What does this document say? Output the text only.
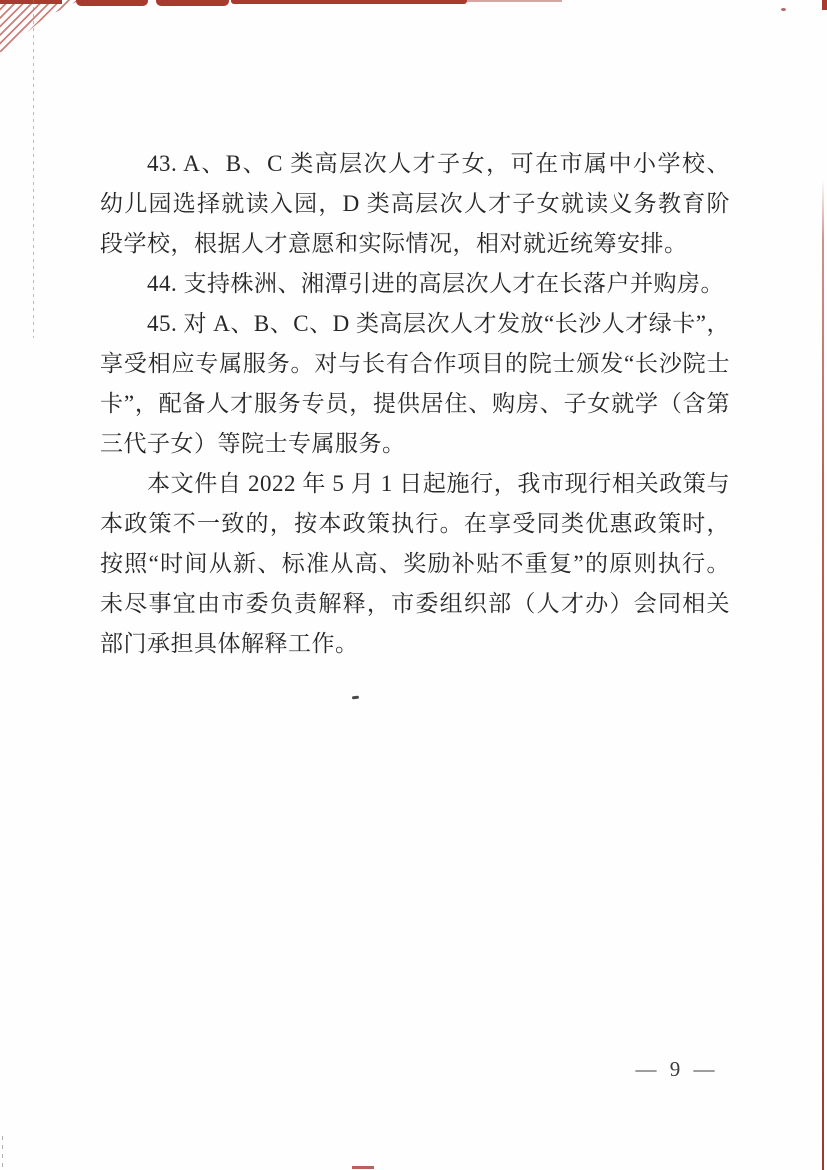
43. A、B、C 类高层次人才子女，可在市属中小学校、幼儿园选择就读入园，D 类高层次人才子女就读义务教育阶段学校，根据人才意愿和实际情况，相对就近统筹安排。

44. 支持株洲、湘潭引进的高层次人才在长落户并购房。

45. 对 A、B、C、D 类高层次人才发放“长沙人才绿卡”，享受相应专属服务。对与长有合作项目的院士颁发“长沙院士卡”，配备人才服务专员，提供居住、购房、子女就学（含第三代子女）等院士专属服务。

本文件自 2022 年 5 月 1 日起施行，我市现行相关政策与本政策不一致的，按本政策执行。在享受同类优惠政策时，按照“时间从新、标准从高、奖励补贴不重复”的原则执行。未尽事宜由市委负责解释，市委组织部（人才办）会同相关部门承担具体解释工作。

— 9 —
